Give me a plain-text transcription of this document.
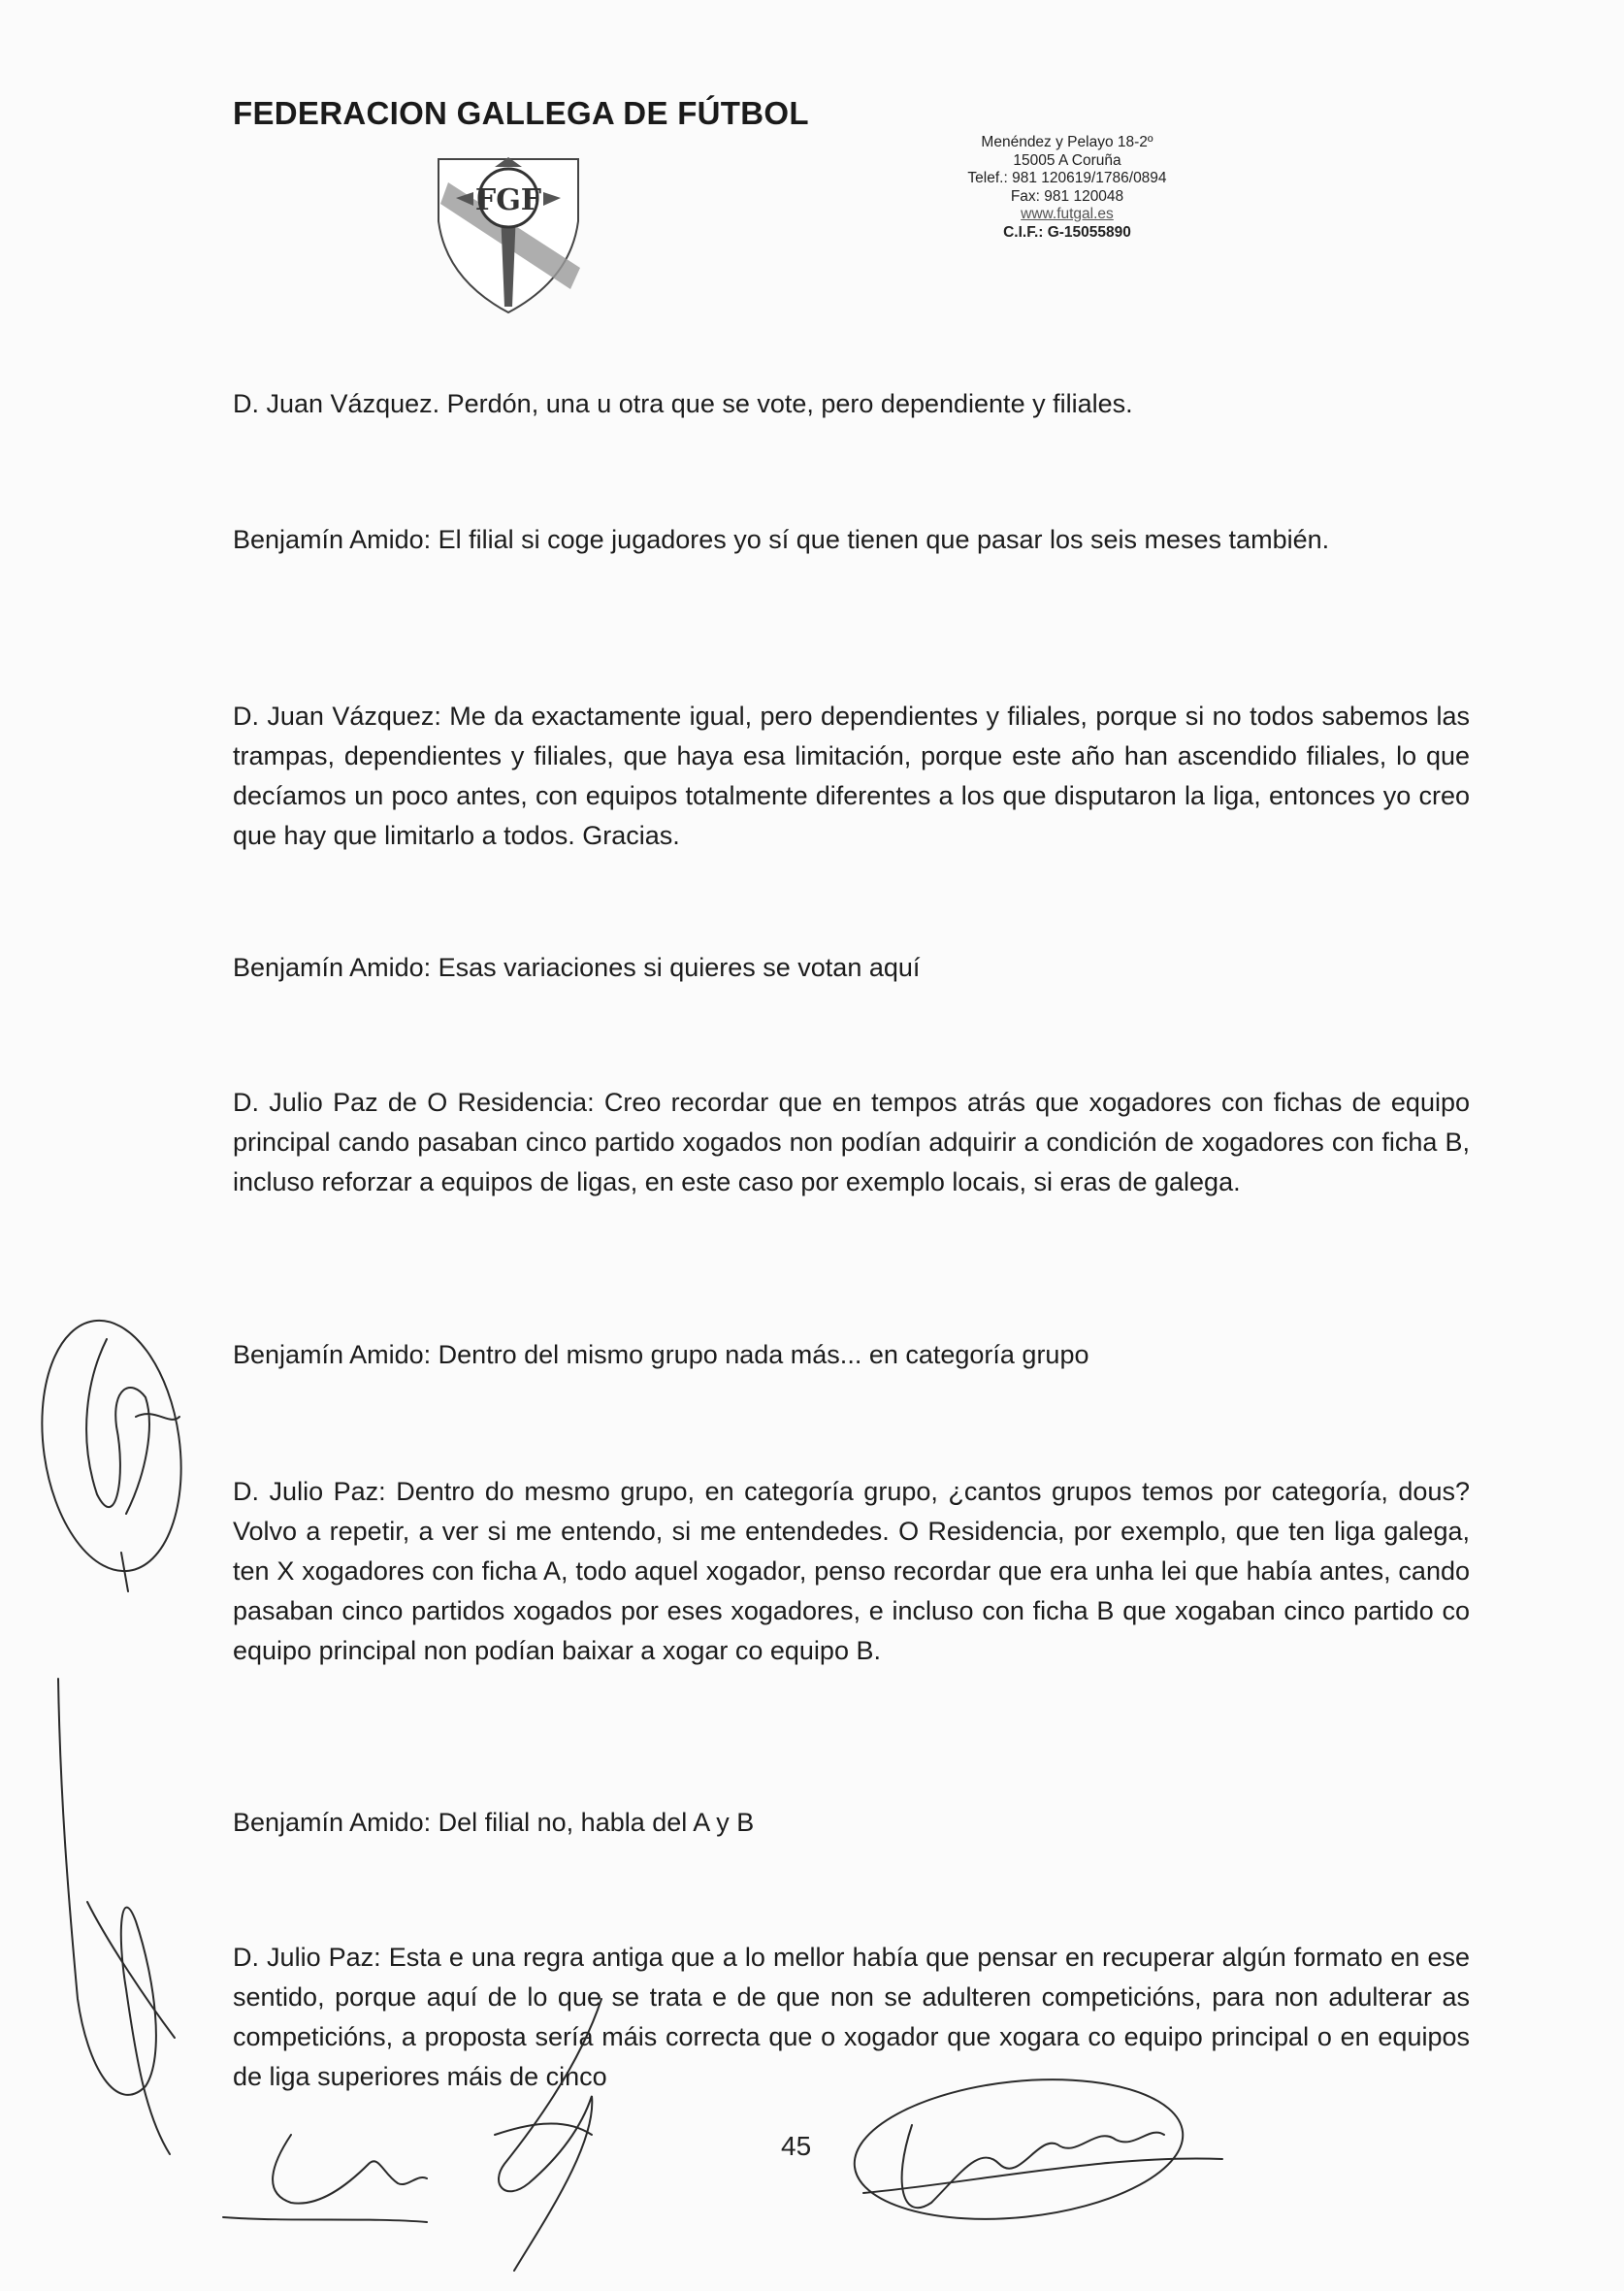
FEDERACION GALLEGA DE FÚTBOL
FGF
Menéndez y Pelayo 18-2º
15005 A Coruña
Telef.: 981 120619/1786/0894
Fax: 981 120048
www.futgal.es
C.I.F.: G-15055890

D. Juan Vázquez. Perdón, una u otra que se vote, pero dependiente y filiales.

Benjamín Amido: El filial si coge jugadores yo sí que tienen que pasar los seis meses también.

D. Juan Vázquez: Me da exactamente igual, pero dependientes y filiales, porque si no todos sabemos las trampas, dependientes y filiales, que haya esa limitación, porque este año han ascendido filiales, lo que decíamos un poco antes, con equipos totalmente diferentes a los que disputaron la liga, entonces yo creo que hay que limitarlo a todos. Gracias.

Benjamín Amido: Esas variaciones si quieres se votan aquí

D. Julio Paz de O Residencia: Creo recordar que en tempos atrás que xogadores con fichas de equipo principal cando pasaban cinco partido xogados non podían adquirir a condición de xogadores con ficha B, incluso reforzar a equipos de ligas, en este caso por exemplo locais, si eras de galega.

Benjamín Amido: Dentro del mismo grupo nada más... en categoría grupo

D. Julio Paz: Dentro do mesmo grupo, en categoría grupo, ¿cantos grupos temos por categoría, dous? Volvo a repetir, a ver si me entendo, si me entendedes. O Residencia, por exemplo, que ten liga galega, ten X xogadores con ficha A, todo aquel xogador, penso recordar que era unha lei que había antes, cando pasaban cinco partidos xogados por eses xogadores, e incluso con ficha B que xogaban cinco partido co equipo principal non podían baixar a xogar co equipo B.

Benjamín Amido: Del filial no, habla del A y B

D. Julio Paz: Esta e una regra antiga que a lo mellor había que pensar en recuperar algún formato en ese sentido, porque aquí de lo que se trata e de que non se adulteren competicións, para non adulterar as competicións, a proposta sería máis correcta que o xogador que xogara co equipo principal o en equipos de liga superiores máis de cinco

45
